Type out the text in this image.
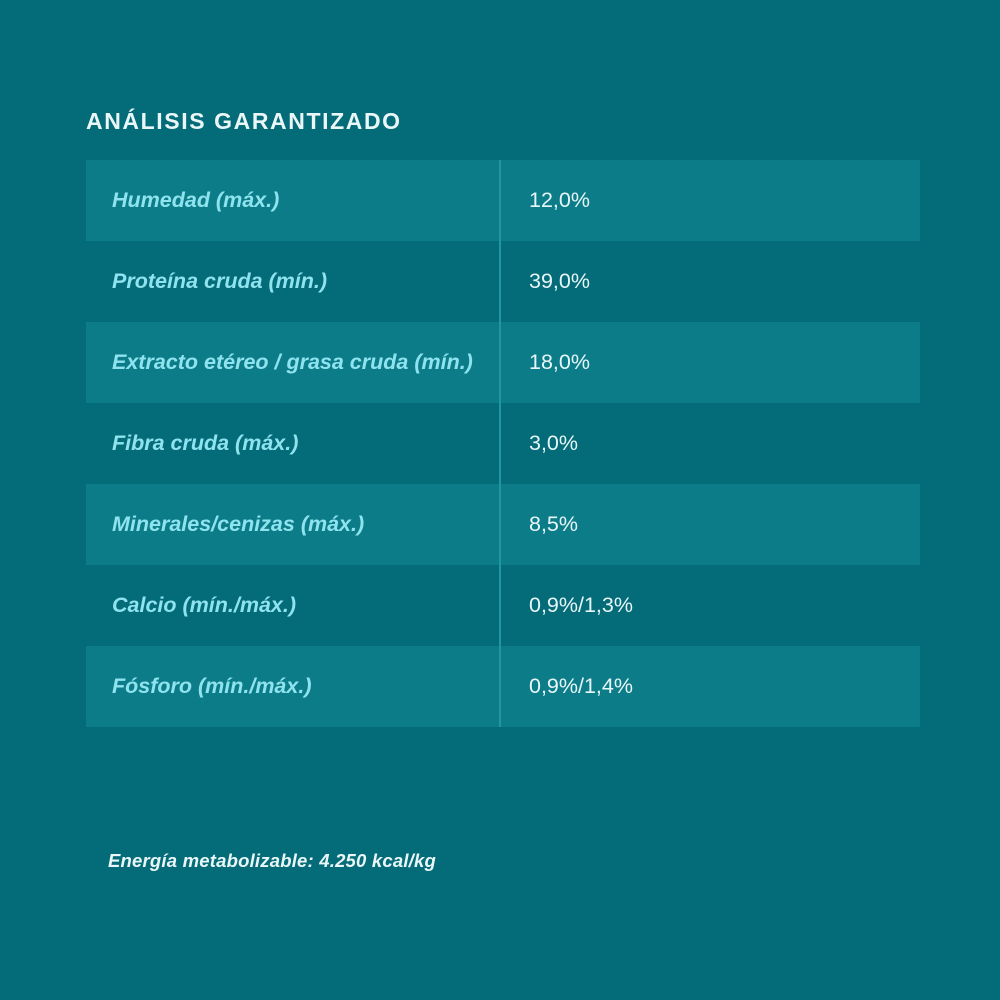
ANÁLISIS GARANTIZADO
Humedad (máx.)	12,0%
Proteína cruda (mín.)	39,0%
Extracto etéreo / grasa cruda (mín.)	18,0%
Fibra cruda (máx.)	3,0%
Minerales/cenizas (máx.)	8,5%
Calcio (mín./máx.)	0,9%/1,3%
Fósforo (mín./máx.)	0,9%/1,4%
Energía metabolizable: 4.250 kcal/kg
